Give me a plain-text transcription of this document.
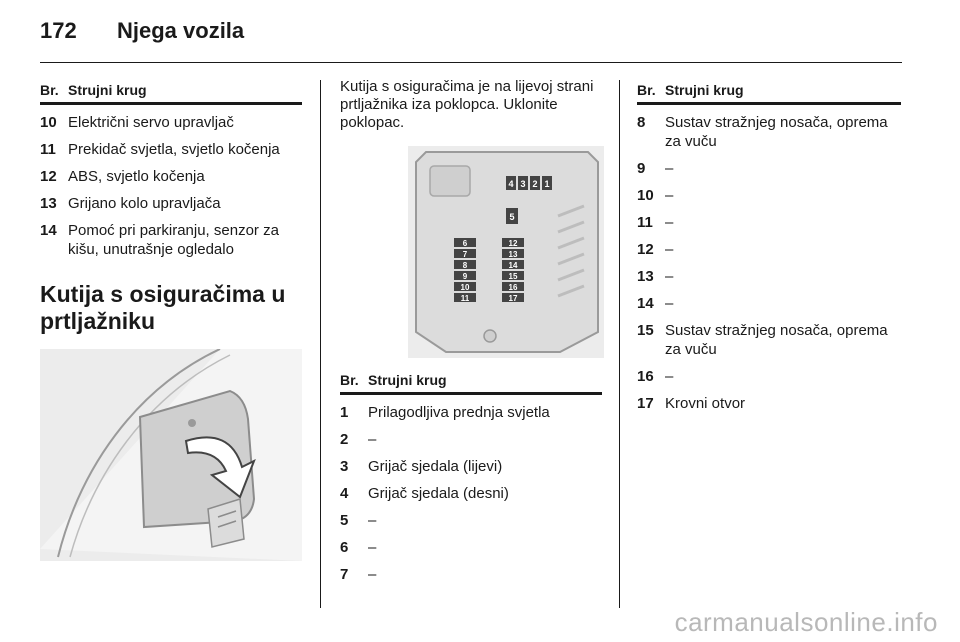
172 Njega vozila
Br. Strujni krug
10 Električni servo upravljač
11 Prekidač svjetla, svjetlo kočenja
12 ABS, svjetlo kočenja
13 Grijano kolo upravljača
14 Pomoć pri parkiranju, senzor za kišu, unutrašnje ogledalo
Kutija s osiguračima u prtljažniku
Kutija s osiguračima je na lijevoj strani prtljažnika iza poklopca. Uklonite poklopac.
4 3 2 1
5
6
7
8
9
10
11
12
13
14
15
16
17
Br. Strujni krug
1	Prilagodljiva prednja svjetla
2	–
3	Grijač sjedala (lijevi)
4	Grijač sjedala (desni)
5	–
6	–
7	–
Br. Strujni krug
8	Sustav stražnjeg nosača, oprema za vuču
9	–
10 –
11 –
12 –
13 –
14 –
15 Sustav stražnjeg nosača, oprema za vuču
16 –
17 Krovni otvor
carmanualsonline.info
